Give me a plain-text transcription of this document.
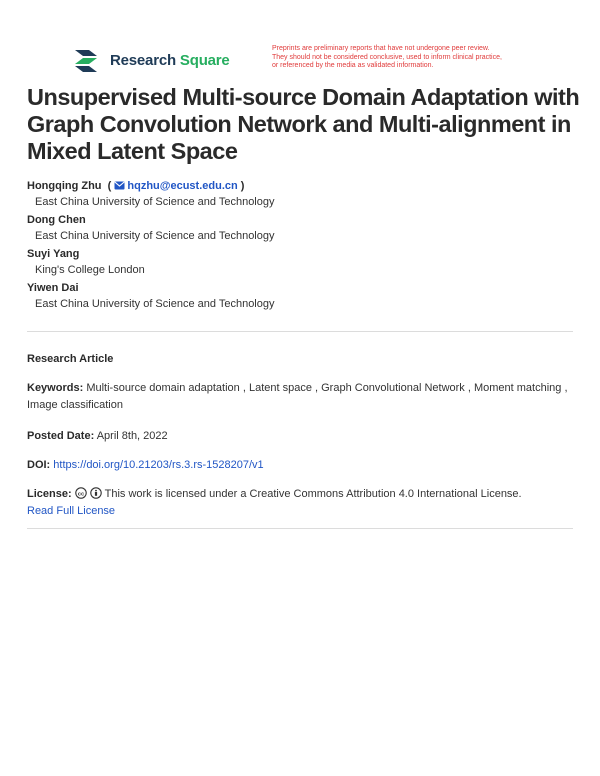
Research Square
Preprints are preliminary reports that have not undergone peer review.
They should not be considered conclusive, used to inform clinical practice,
or referenced by the media as validated information.
Unsupervised Multi-source Domain Adaptation with Graph Convolution Network and Multi-alignment in Mixed Latent Space
Hongqing Zhu  ( hqzhu@ecust.edu.cn )
East China University of Science and Technology
Dong Chen
East China University of Science and Technology
Suyi Yang
King's College London
Yiwen Dai
East China University of Science and Technology
Research Article
Keywords: Multi-source domain adaptation , Latent space , Graph Convolutional Network , Moment matching , Image classification
Posted Date: April 8th, 2022
DOI: https://doi.org/10.21203/rs.3.rs-1528207/v1
License: cc This work is licensed under a Creative Commons Attribution 4.0 International License.
Read Full License
